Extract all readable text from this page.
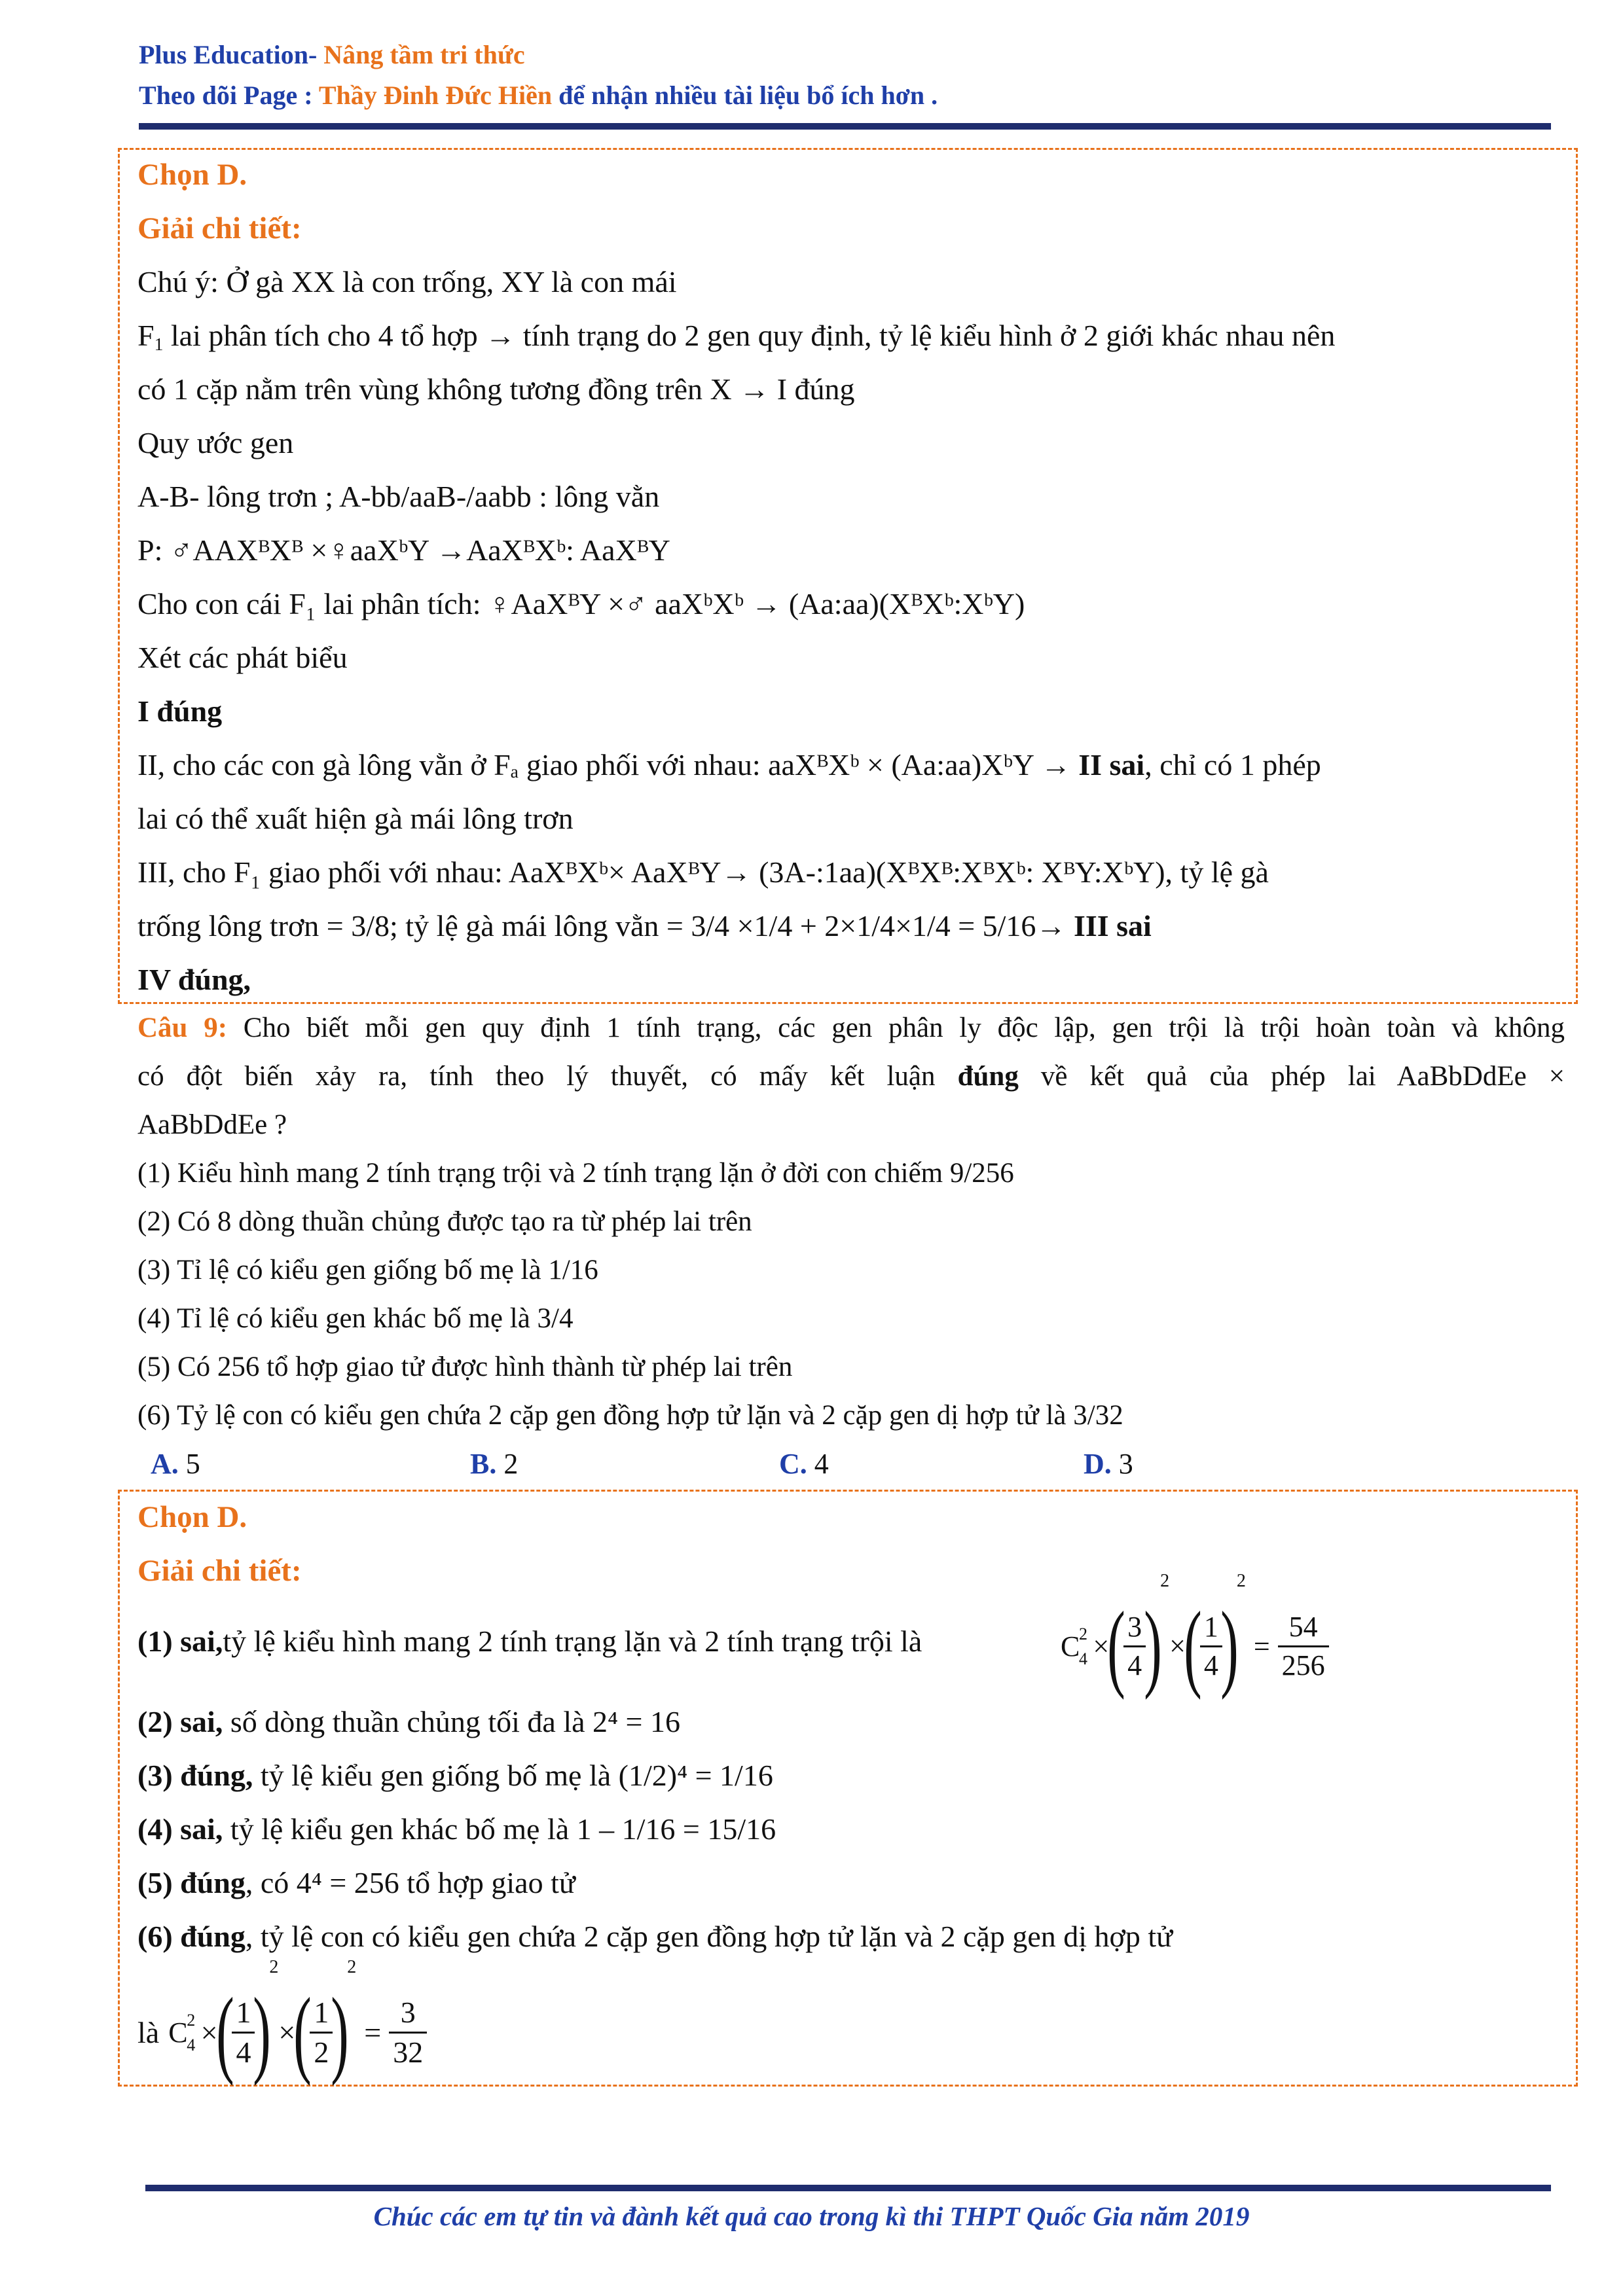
Plus Education- Nâng tầm tri thức
Theo dõi Page : Thầy Đinh Đức Hiền để nhận nhiều tài liệu bổ ích hơn .
Chọn D.
Giải chi tiết:
Chú ý: Ở gà XX là con trống, XY là con mái
$F_1$ lai phân tích cho 4 tổ hợp → tính trạng do 2 gen quy định, tỷ lệ kiểu hình ở 2 giới khác nhau nên
có 1 cặp nằm trên vùng không tương đồng trên X → I đúng
Quy ước gen
A-B- lông trơn ; A-bb/aaB-/aabb : lông vằn
P: ♂AAXᴮXᴮ ×♀aaXᵇY →AaXᴮXᵇ: AaXᴮY
Cho con cái F₁ lai phân tích: ♀AaXᴮY ×♂ aaXᵇXᵇ → (Aa:aa)(XᴮXᵇ:XᵇY)
Xét các phát biểu
I đúng
II, cho các con gà lông vằn ở Fₐ giao phối với nhau: aaXᴮXᵇ × (Aa:aa)XᵇY → II sai, chỉ có 1 phép
lai có thể xuất hiện gà mái lông trơn
III, cho F₁ giao phối với nhau: AaXᴮXᵇ× AaXᴮY→ (3A-:1aa)(XᴮXᴮ:XᴮXᵇ: XᴮY:XᵇY), tỷ lệ gà
trống lông trơn = 3/8; tỷ lệ gà mái lông vằn = 3/4 ×1/4 + 2×1/4×1/4 = 5/16→ III sai
IV đúng,
Câu 9: Cho biết mỗi gen quy định 1 tính trạng, các gen phân ly độc lập, gen trội là trội hoàn toàn và không
có đột biến xảy ra, tính theo lý thuyết, có mấy kết luận đúng về kết quả của phép lai AaBbDdEe ×
AaBbDdEe ?
(1) Kiểu hình mang 2 tính trạng trội và 2 tính trạng lặn ở đời con chiếm 9/256
(2) Có 8 dòng thuần chủng được tạo ra từ phép lai trên
(3) Tỉ lệ có kiểu gen giống bố mẹ là 1/16
(4) Tỉ lệ có kiểu gen khác bố mẹ là 3/4
(5) Có 256 tổ hợp giao tử được hình thành từ phép lai trên
(6) Tỷ lệ con có kiểu gen chứa 2 cặp gen đồng hợp tử lặn và 2 cặp gen dị hợp tử là 3/32
A. 5	B. 2	C. 4	D. 3
Chọn D.
Giải chi tiết:
(1) sai,tỷ lệ kiểu hình mang 2 tính trạng lặn và 2 tính trạng trội là	C
2
4 ×(
$\frac{3}{4}$
)2×(
$\frac{1}{4}$
)$2= \frac{54}{256}$
(2) sai, số dòng thuần chủng tối đa là 2⁴ = 16
(3) đúng, tỷ lệ kiểu gen giống bố mẹ là (1/2)⁴ = 1/16
(4) sai, tỷ lệ kiểu gen khác bố mẹ là 1 – 1/16 = 15/16
(5) đúng, có 4⁴ = 256 tổ hợp giao tử
(6) đúng, tỷ lệ con có kiểu gen chứa 2 cặp gen đồng hợp tử lặn và 2 cặp gen dị hợp tử
là C
2
4 ×(
$\frac{1}{4}$
)2×(
$\frac{1}{2}$
)$2= \frac{3}{32}$
Chúc các em tự tin và đành kết quả cao trong kì thi THPT Quốc Gia năm 2019
